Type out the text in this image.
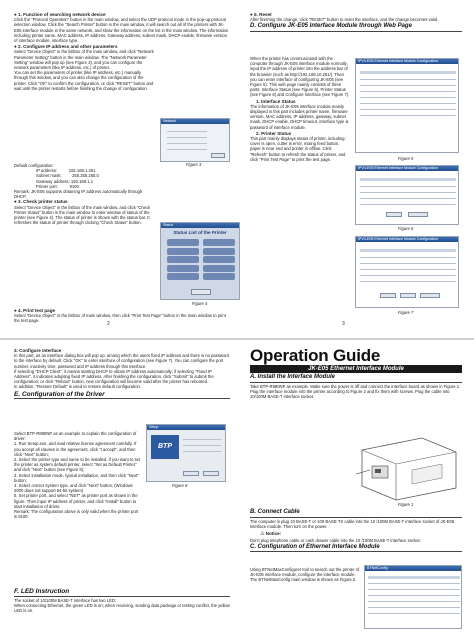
● 1. Function of searching network device

Click the "Protocol Operation" button in the main window, and select the UDP protocol mode in the pop-up protocol selection window. Click the "Search Printer" button in the main window, it will search out all of the printers with JK-E05 interface module in the same network, and show the information on the list in the main window. The information including printer name, MAC address, IP address, Gateway address, subnet mask, DHCP enable, firmware version of interface module, interface type.

● 2. Configure IP address and other parameters

Select "Device Object" in the listbox of the main window, and click "Network Parameter Setting" button in the main window. The "Network Parameter Setting" window will pop up (see Figure 3), and you can configure the network parameters (like IP address, etc.) of printer.
You can set the parameters of printer (like IP address, etc.) manually through this window, and you can also change the configuration of the printer. Click "OK" to confirm the configuration, or click "RESET" button and wait until the printer restarts before finishing the change of configuration.

Default configuration:

IP address:          192.168.1.251

Subnet mask:         255.255.255.0

Gateway address: 192.168.1.1

Printer port:          9100

Remark: JK-E05 supports obtaining IP address automatically through DHCP.

● 3. Check printer status

Select "Device Object" in the listbox of the main window, and click "Check Printer Status" button in the main window to enter window of status of the printer (see Figure 4). The status of printer is shown with the status bar. It refreshes the status of printer through clicking "Check Status" button.

● 4. Print test page

Select "Device Object" in the listbox of main window, then click "Print Test Page" button in the main window to print the test page.

Network
Figure 3
Status
Status List of the Printer
Figure 4
2

● 5. Reset

After finishing the change, click "RESET" button to reset the interface, and the change becomes valid.

D. Configure JK-E05 Interface Module through Web Page

When the printer has communicated with the computer through JK-E05 interface module normally, input the IP address of printer into the address bar of the browser (such as http://192.168.10.251/). Then you can enter interface of configuring JK-E05 (see Figure 5). This web page mainly consists of three parts: Interface Status (see Figure 5), Printer Status (see Figure 6) and Configure Interface (see Figure 7).

1. Interface Status

The information of JK-E05 interface module mainly displayed in this part includes printer name, firmware version, MAC address, IP address, gateway, subnet mask, DHCP enable, DHCP timeout, interface type & password of interface module.

2. Printer Status

This part mainly displays status of printer, including: cover is open, cutter is error, mixing feed button, paper is near end and printer is offline. Click "Refresh" button to refresh the status of printer, and click "Print Test Page" to print the test page.

IPV4-E05 Ethernet Interface Module Configuration
Figure 5
IPV4-E05 Ethernet Interface Module Configuration
Figure 6
IPV4-E05 Ethernet Interface Module Configuration
Figure 7
3

3. Configure Interface

In this part, as an interface dialog box will pop up, among which the users fixed IP address and there is no password to the interface by default. Click "OK" to enter interface of configuration (see Figure 7). You can configure the port number, inactivity time, password and IP address through this interface.
If selecting "DHCP Client", it means starting DHCP to obtain IP address automatically; if selecting "Fixed IP Address", it indicates adopting fixed IP address. After finishing the configuration, click "Submit" to submit the configuration; or click "Reboot" button, new configuration will become valid after the printer has rebooted.
In addition, "Restore Default" is used to restore default configuration.

E. Configuration of the Driver

Select BTP-R880NP as an example to explain the configuration of driver:
1. Run Setup.exe, and read relative license agreement carefully. If you accept all clauses in the agreement, click "I accept", and then click "Next" button;
2. Select the printer type and name to be installed. If you want to set the printer as system default printer, select "Set as Default Printer" and click "Next" button (see Figure 8);
3. Select installation mode, typical installation, and then click "Next" button;
4. Select correct system type, and click "Next" button, (Windows 2000 does not support 64-bit system)
5. Set printer port, and select "NET" as printer port as shown in the figure. Then input IP address of printer, and click "Install" button to start installation of driver.
Remark: The configuration above is only valid when the printer port is 9100.

Setup
BTP
Figure 8

F. LED Instruction

The socket of 10/100M BASE-T interface has two LED:
When connecting Ethernet, the green LED is on; when receiving, sending data package or testing conflict, the yellow LED is on.

Operation Guide

JK-E05 Ethernet Interface Module

A. Install the Interface Module

Take BTP-R880NP as example. Make sure the power is off and connect the interface board as shown in Figure 1. Plug the interface module into the printer according to Figure 2 and fix them with screws. Plug the cable into 10/100M BASE-T interface socket.

Figure 1

B. Connect Cable

The computer is plug 10 BASE-T or 100 BASE-TX cable into the 10 /100M BASE-T interface socket of JK-E05 interface module. Then turn on the power.

⚠ Notice:

Don't plug telephone cable or cash drawer cable into the 10 /100M BASE-T interface socket.

C. Configuration of Ethernet Interface Module

Using BTNetMaxConfigurer tool to search out the printer of JK-E05 interface module, configure the interface module. The BTNetMaxConfig main window is shown as Figure 2.

BTNetConfig
